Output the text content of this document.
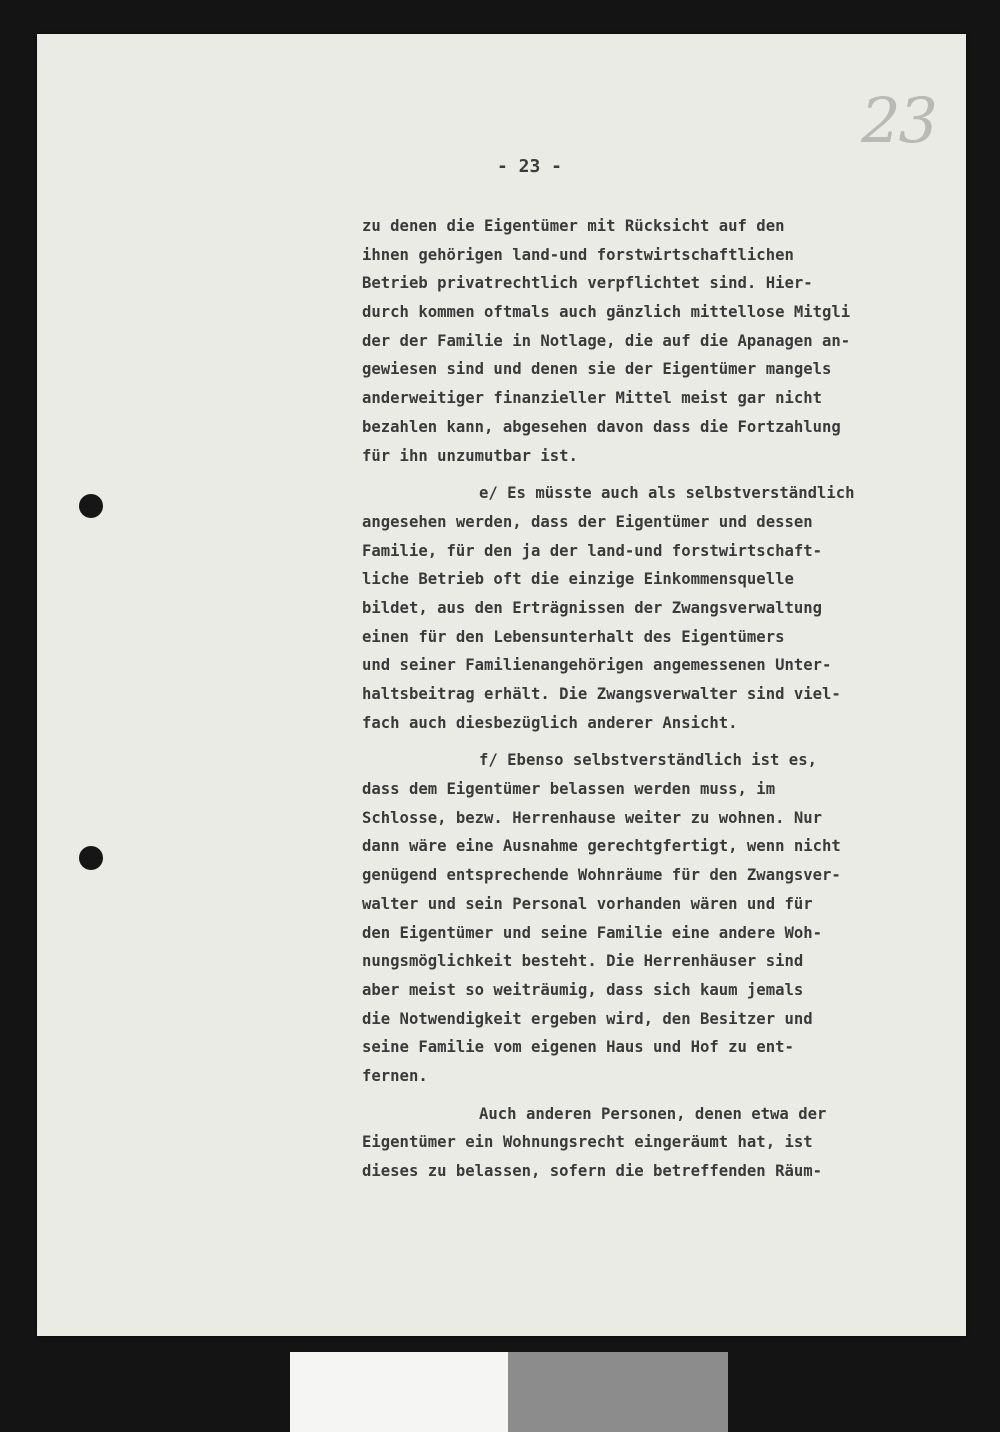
23
- 23 -
zu denen die Eigentümer mit Rücksicht auf den
ihnen gehörigen land-und forstwirtschaftlichen
Betrieb privatrechtlich verpflichtet sind. Hier-
durch kommen oftmals auch gänzlich mittellose Mitgli
der der Familie in Notlage, die auf die Apanagen an-
gewiesen sind und denen sie der Eigentümer mangels
anderweitiger finanzieller Mittel meist gar nicht
bezahlen kann, abgesehen davon dass die Fortzahlung
für ihn unzumutbar ist.
e/ Es müsste auch als selbstverständlich
angesehen werden, dass der Eigentümer und dessen
Familie, für den ja der land-und forstwirtschaft-
liche Betrieb oft die einzige Einkommensquelle
bildet, aus den Erträgnissen der Zwangsverwaltung
einen für den Lebensunterhalt des Eigentümers
und seiner Familienangehörigen angemessenen Unter-
haltsbeitrag erhält. Die Zwangsverwalter sind viel-
fach auch diesbezüglich anderer Ansicht.
f/ Ebenso selbstverständlich ist es,
dass dem Eigentümer belassen werden muss, im
Schlosse, bezw. Herrenhause weiter zu wohnen. Nur
dann wäre eine Ausnahme gerechtgfertigt, wenn nicht
genügend entsprechende Wohnräume für den Zwangsver-
walter und sein Personal vorhanden wären und für
den Eigentümer und seine Familie eine andere Woh-
nungsmöglichkeit besteht. Die Herrenhäuser sind
aber meist so weiträumig, dass sich kaum jemals
die Notwendigkeit ergeben wird, den Besitzer und
seine Familie vom eigenen Haus und Hof zu ent-
fernen.
Auch anderen Personen, denen etwa der
Eigentümer ein Wohnungsrecht eingeräumt hat, ist
dieses zu belassen, sofern die betreffenden Räum-
